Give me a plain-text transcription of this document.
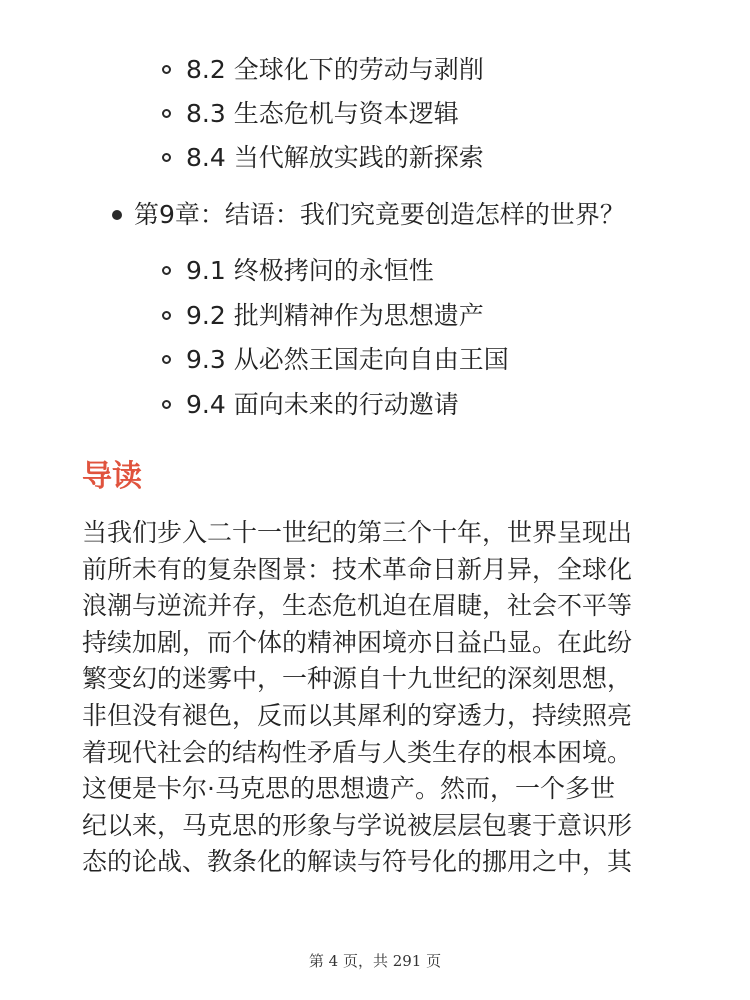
8.2 全球化下的劳动与剥削
8.3 生态危机与资本逻辑
8.4 当代解放实践的新探索
第9章：结语：我们究竟要创造怎样的世界？
9.1 终极拷问的永恒性
9.2 批判精神作为思想遗产
9.3 从必然王国走向自由王国
9.4 面向未来的行动邀请
导读

当我们步入二十一世纪的第三个十年，世界呈现出
前所未有的复杂图景：技术革命日新月异，全球化
浪潮与逆流并存，生态危机迫在眉睫，社会不平等
持续加剧，而个体的精神困境亦日益凸显。在此纷
繁变幻的迷雾中，一种源自十九世纪的深刻思想，
非但没有褪色，反而以其犀利的穿透力，持续照亮
着现代社会的结构性矛盾与人类生存的根本困境。
这便是卡尔·马克思的思想遗产。然而，一个多世
纪以来，马克思的形象与学说被层层包裹于意识形
态的论战、教条化的解读与符号化的挪用之中，其

第 4 页，共 291 页
